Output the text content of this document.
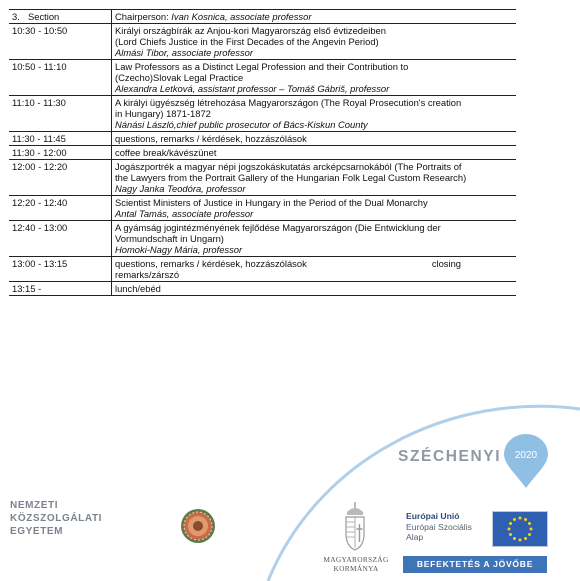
3. Section	Chairperson: Ivan Kosnica, associate professor
10:30 - 10:50	Királyi országbírák az Anjou-kori Magyarország első évtizedeiben
(Lord Chiefs Justice in the First Decades of the Angevin Period)
Almási Tibor, associate professor

10:50 - 11:10	Law Professors as a Distinct Legal Profession and their Contribution to
(Czecho)Slovak Legal Practice
Alexandra Letková, assistant professor – Tomáš Gábriš, professor

11:10 - 11:30	A királyi ügyészség létrehozása Magyarországon (The Royal Prosecution's creation
in Hungary) 1871-1872
Nánási László,chief public prosecutor of Bács-Kiskun County

11:30 - 11:45	questions, remarks / kérdések, hozzászólások

11:30 - 12:00	coffee break/kávészünet

12:00 - 12:20	Jogászportrék a magyar népi jogszokáskutatás arcképcsarnokából (The Portraits of
the Lawyers from the Portrait Gallery of the Hungarian Folk Legal Custom Research)
Nagy Janka Teodóra, professor

12:20 - 12:40	Scientist Ministers of Justice in Hungary in the Period of the Dual Monarchy
Antal Tamás, associate professor

12:40 - 13:00	A gyámság jogintézményének fejlődése Magyarországon (Die Entwicklung der
Vormundschaft in Ungarn)
Homoki-Nagy Mária, professor

13:00 - 13:15	closing
questions, remarks / kérdések, hozzászólások
remarks/zárszó

13:15 -	lunch/ebéd
SZÉCHENYI 2020
NEMZETI
KÖZSZOLGÁLATI
EGYETEM
MAGYARORSZÁG
KORMÁNYA
Európai Unió
Európai Szociális
Alap
BEFEKTETÉS A JÖVŐBE
